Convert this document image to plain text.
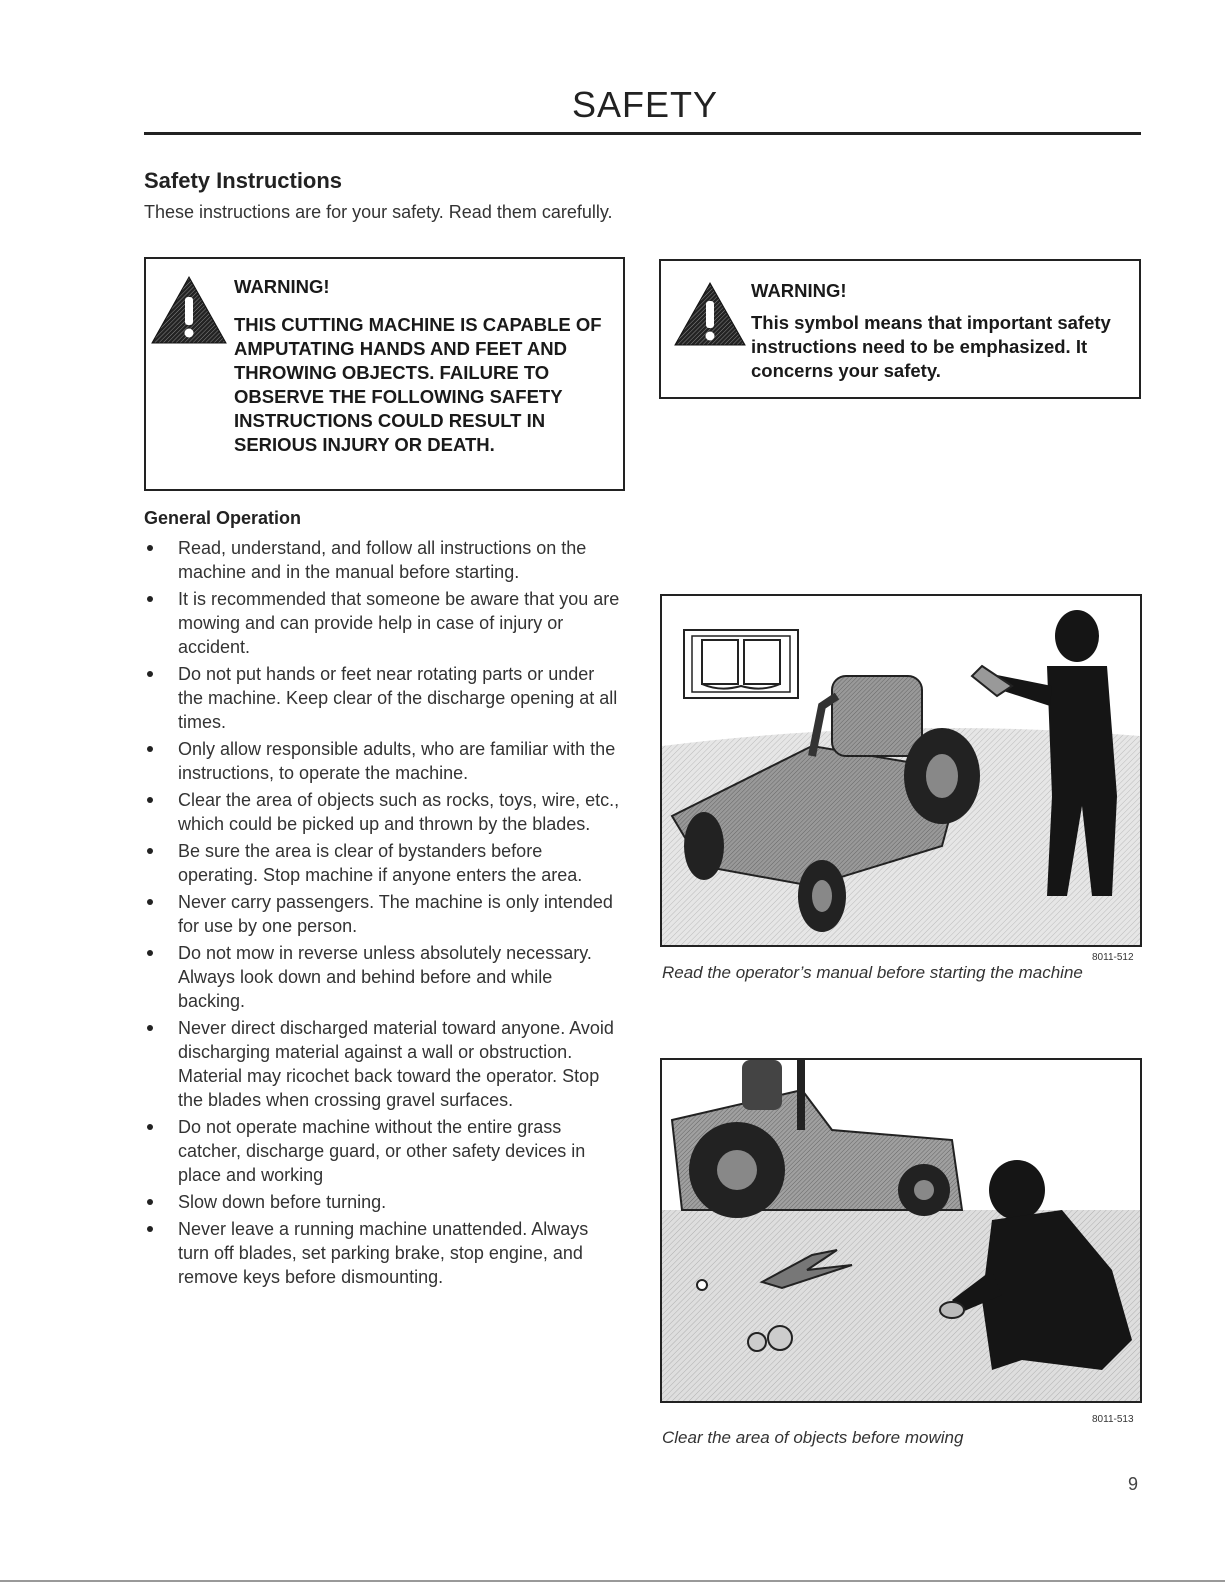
SAFETY
Safety Instructions
These instructions are for your safety. Read them carefully.
WARNING!
THIS CUTTING MACHINE IS CAPABLE OF AMPUTATING HANDS AND FEET AND THROWING OBJECTS. FAILURE TO OBSERVE THE FOLLOWING SAFETY INSTRUCTIONS COULD RESULT IN SERIOUS INJURY OR DEATH.
WARNING!
This symbol means that important safety instructions need to be emphasized. It concerns your safety.
General Operation
Read, understand, and follow all instructions on the machine and in the manual before starting.
It is recommended that someone be aware that you are mowing and can provide help in case of injury or accident.
Do not put hands or feet near rotating parts or under the machine. Keep clear of the discharge opening at all times.
Only allow responsible adults, who are familiar with the instructions, to operate the machine.
Clear the area of objects such as rocks, toys, wire, etc., which could be picked up and thrown by the blades.
Be sure the area is clear of bystanders before operating. Stop machine if anyone enters the area.
Never carry passengers. The machine is only intended for use by one person.
Do not mow in reverse unless absolutely necessary. Always look down and behind before and while backing.
Never direct discharged material toward anyone. Avoid discharging material against a wall or obstruction. Material may ricochet back toward the operator. Stop the blades when crossing gravel surfaces.
Do not operate machine without the entire grass catcher, discharge guard, or other safety devices in place and working
Slow down before turning.
Never leave a running machine unattended. Always turn off blades, set parking brake, stop engine, and remove keys before dismounting.
8011-512
Read the operator’s manual before starting the machine
8011-513
Clear the area of objects before mowing
9
